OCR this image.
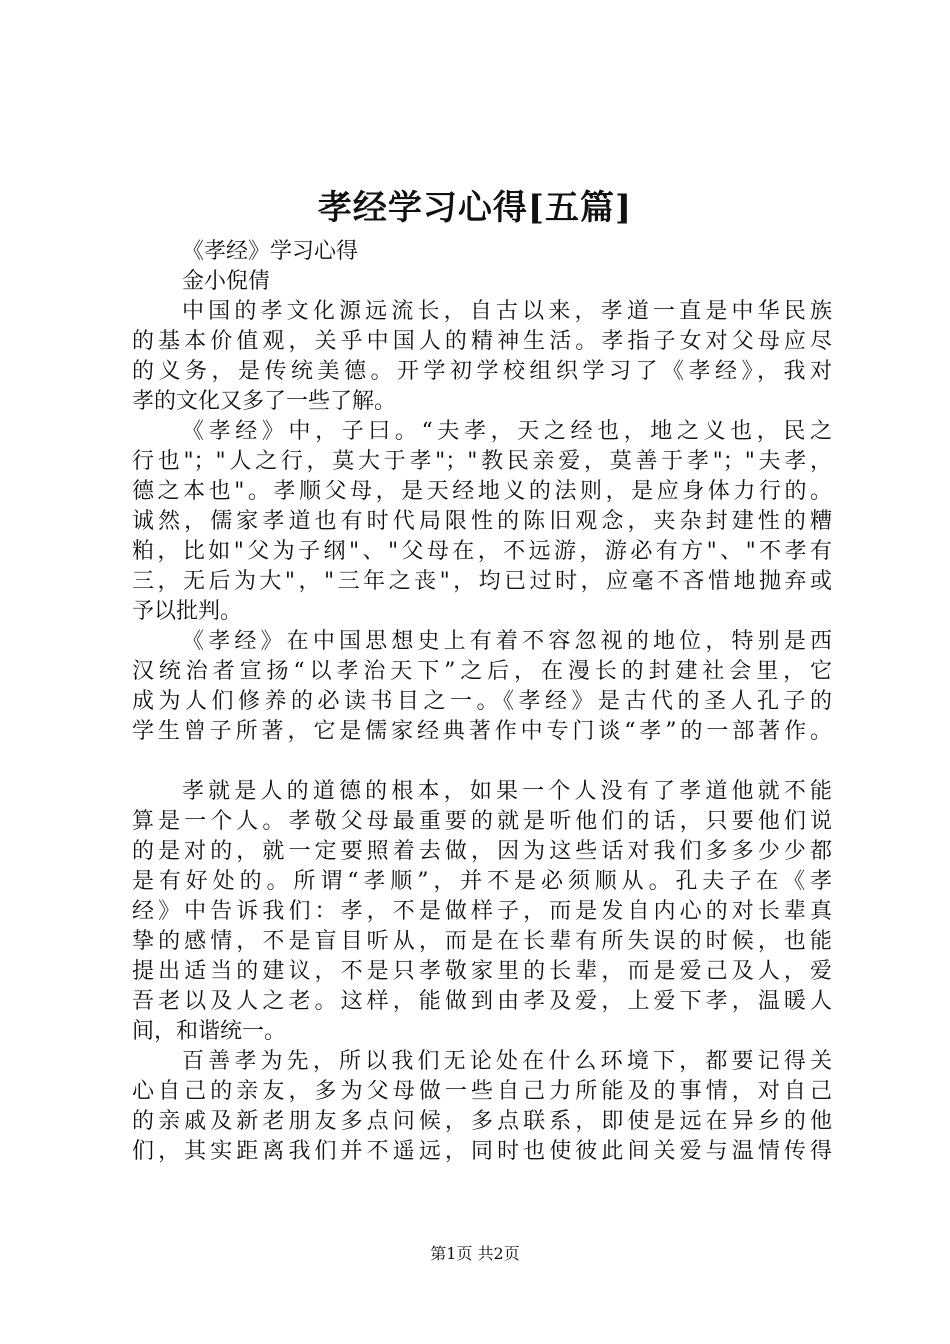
孝经学习心得[五篇]
《孝经》学习心得
金小倪倩
中国的孝文化源远流长，自古以来，孝道一直是中华民族
的基本价值观，关乎中国人的精神生活。孝指子女对父母应尽
的义务，是传统美德。开学初学校组织学习了《孝经》，我对
孝的文化又多了一些了解。
《孝经》中，子曰。“夫孝，天之经也，地之义也，民之
行也"；"人之行，莫大于孝"；"教民亲爱，莫善于孝"；"夫孝，
德之本也"。孝顺父母，是天经地义的法则，是应身体力行的。
诚然，儒家孝道也有时代局限性的陈旧观念，夹杂封建性的糟
粕，比如"父为子纲"、"父母在，不远游，游必有方"、"不孝有
三，无后为大"，"三年之丧"，均已过时，应毫不吝惜地抛弃或
予以批判。
《孝经》在中国思想史上有着不容忽视的地位，特别是西
汉统治者宣扬“以孝治天下”之后，在漫长的封建社会里，它
成为人们修养的必读书目之一。《孝经》是古代的圣人孔子的
学生曾子所著，它是儒家经典著作中专门谈“孝”的一部著作。
孝就是人的道德的根本，如果一个人没有了孝道他就不能
算是一个人。孝敬父母最重要的就是听他们的话，只要他们说
的是对的，就一定要照着去做，因为这些话对我们多多少少都
是有好处的。所谓“孝顺”，并不是必须顺从。孔夫子在《孝
经》中告诉我们：孝，不是做样子，而是发自内心的对长辈真
挚的感情，不是盲目听从，而是在长辈有所失误的时候，也能
提出适当的建议，不是只孝敬家里的长辈，而是爱己及人，爱
吾老以及人之老。这样，能做到由孝及爱，上爱下孝，温暖人
间，和谐统一。
百善孝为先，所以我们无论处在什么环境下，都要记得关
心自己的亲友，多为父母做一些自己力所能及的事情，对自己
的亲戚及新老朋友多点问候，多点联系，即使是远在异乡的他
们，其实距离我们并不遥远，同时也使彼此间关爱与温情传得
第1页 共2页
